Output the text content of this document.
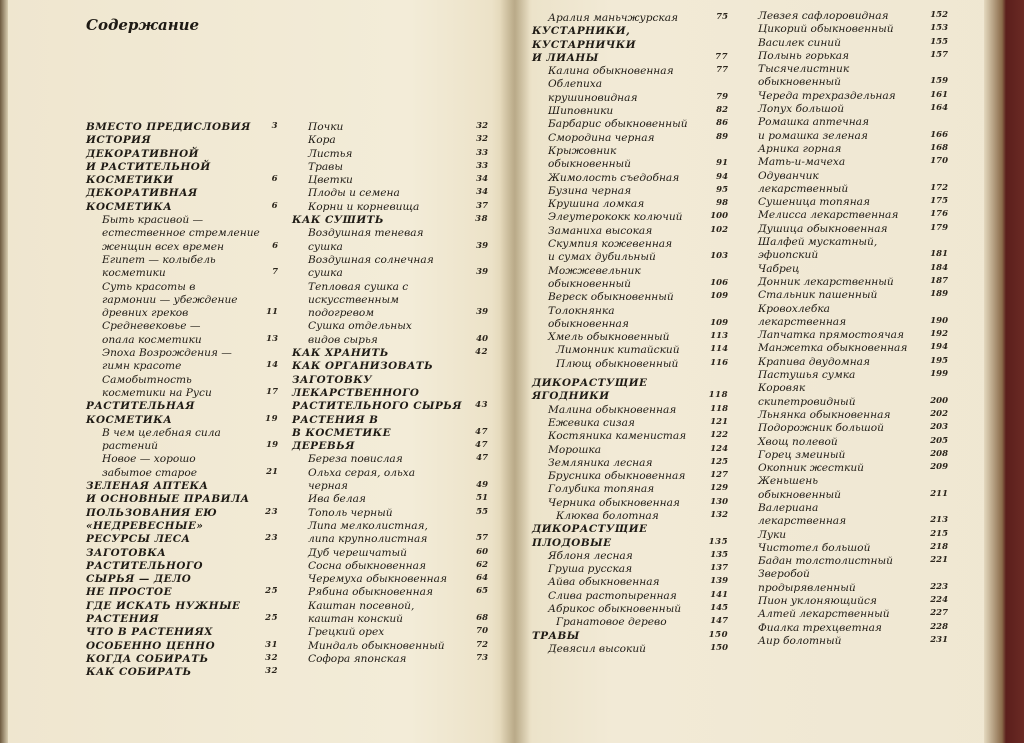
Содержание
ВМЕСТО ПРЕДИСЛОВИЯ 3
ИСТОРИЯ
ДЕКОРАТИВНОЙ
И РАСТИТЕЛЬНОЙ
КОСМЕТИКИ	6
ДЕКОРАТИВНАЯ
КОСМЕТИКА	6
Быть красивой —
естественное стремление
женщин всех времен	6
Египет — колыбель
косметики	7
Суть красоты в
гармонии — убеждение
древних греков	11
Средневековье —
опала косметики	13
Эпоха Возрождения —
гимн красоте	14
Самобытность
косметики на Руси	17
РАСТИТЕЛЬНАЯ
КОСМЕТИКА	19
В чем целебная сила
растений	19
Новое — хорошо
забытое старое	21
ЗЕЛЕНАЯ АПТЕКА
И ОСНОВНЫЕ ПРАВИЛА
ПОЛЬЗОВАНИЯ ЕЮ	23
«НЕДРЕВЕСНЫЕ»
РЕСУРСЫ ЛЕСА	23
ЗАГОТОВКА
РАСТИТЕЛЬНОГО
СЫРЬЯ — ДЕЛО
НЕ ПРОСТОЕ	25
ГДЕ ИСКАТЬ НУЖНЫЕ
РАСТЕНИЯ	25
ЧТО В РАСТЕНИЯХ
ОСОБЕННО ЦЕННО	31
КОГДА СОБИРАТЬ	32
КАК СОБИРАТЬ	32
Почки	32
Кора	32
Листья	33
Травы	33
Цветки	34
Плоды и семена	34
Корни и корневища	37
КАК СУШИТЬ	38
Воздушная теневая
сушка	39
Воздушная солнечная
сушка	39
Тепловая сушка с
искусственным
подогревом	39
Сушка отдельных
видов сырья	40
КАК ХРАНИТЬ	42
КАК ОРГАНИЗОВАТЬ
ЗАГОТОВКУ
ЛЕКАРСТВЕННОГО
РАСТИТЕЛЬНОГО СЫРЬЯ 43
РАСТЕНИЯ В
В КОСМЕТИКЕ	47
ДЕРЕВЬЯ	47
Береза повислая	47
Ольха серая, ольха
черная	49
Ива белая	51
Тополь черный	55
Липа мелколистная,
липа крупнолистная	57
Дуб черешчатый	60
Сосна обыкновенная	62
Черемуха обыкновенная	64
Рябина обыкновенная	65
Каштан посевной,
каштан конский	68
Грецкий орех	70
Миндаль обыкновенный	72
Софора японская	73
Аралия маньчжурская	75
КУСТАРНИКИ,
КУСТАРНИЧКИ
И ЛИАНЫ	77
Калина обыкновенная	77
Облепиха
крушиновидная	79
Шиповники	82
Барбарис обыкновенный	86
Смородина черная	89
Крыжовник
обыкновенный	91
Жимолость съедобная	94
Бузина черная	95
Крушина ломкая	98
Элеутерококк колючий	100
Заманиха высокая	102
Скумпия кожевенная
и сумах дубильный	103
Можжевельник
обыкновенный	106
Вереск обыкновенный	109
Толокнянка
обыкновенная	109
Хмель обыкновенный	113
Лимонник китайский	114
Плющ обыкновенный	116
ДИКОРАСТУЩИЕ
ЯГОДНИКИ	118
Малина обыкновенная	118
Ежевика сизая	121
Костяника каменистая	122
Морошка	124
Земляника лесная	125
Брусника обыкновенная	127
Голубика топяная	129
Черника обыкновенная	130
Клюква болотная	132
ДИКОРАСТУЩИЕ
ПЛОДОВЫЕ	135
Яблоня лесная	135
Груша русская	137
Айва обыкновенная	139
Слива растопыренная	141
Абрикос обыкновенный	145
Гранатовое дерево	147
ТРАВЫ	150
Девясил высокий	150
Левзея сафлоровидная	152
Цикорий обыкновенный	153
Василек синий	155
Полынь горькая	157
Тысячелистник
обыкновенный	159
Череда трехраздельная	161
Лопух большой	164
Ромашка аптечная
и ромашка зеленая	166
Арника горная	168
Мать-и-мачеха	170
Одуванчик
лекарственный	172
Сушеница топяная	175
Мелисса лекарственная	176
Душица обыкновенная	179
Шалфей мускатный,
эфиопский	181
Чабрец	184
Донник лекарственный	187
Стальник пашенный	189
Кровохлебка
лекарственная	190
Лапчатка прямостоячая	192
Манжетка обыкновенная	194
Крапива двудомная	195
Пастушья сумка	199
Коровяк
скипетровидный	200
Льнянка обыкновенная	202
Подорожник большой	203
Хвощ полевой	205
Горец змеиный	208
Окопник жесткий	209
Женьшень
обыкновенный	211
Валериана
лекарственная	213
Луки	215
Чистотел большой	218
Бадан толстолистный	221
Зверобой
продырявленный	223
Пион уклоняющийся	224
Алтей лекарственный	227
Фиалка трехцветная	228
Аир болотный	231
